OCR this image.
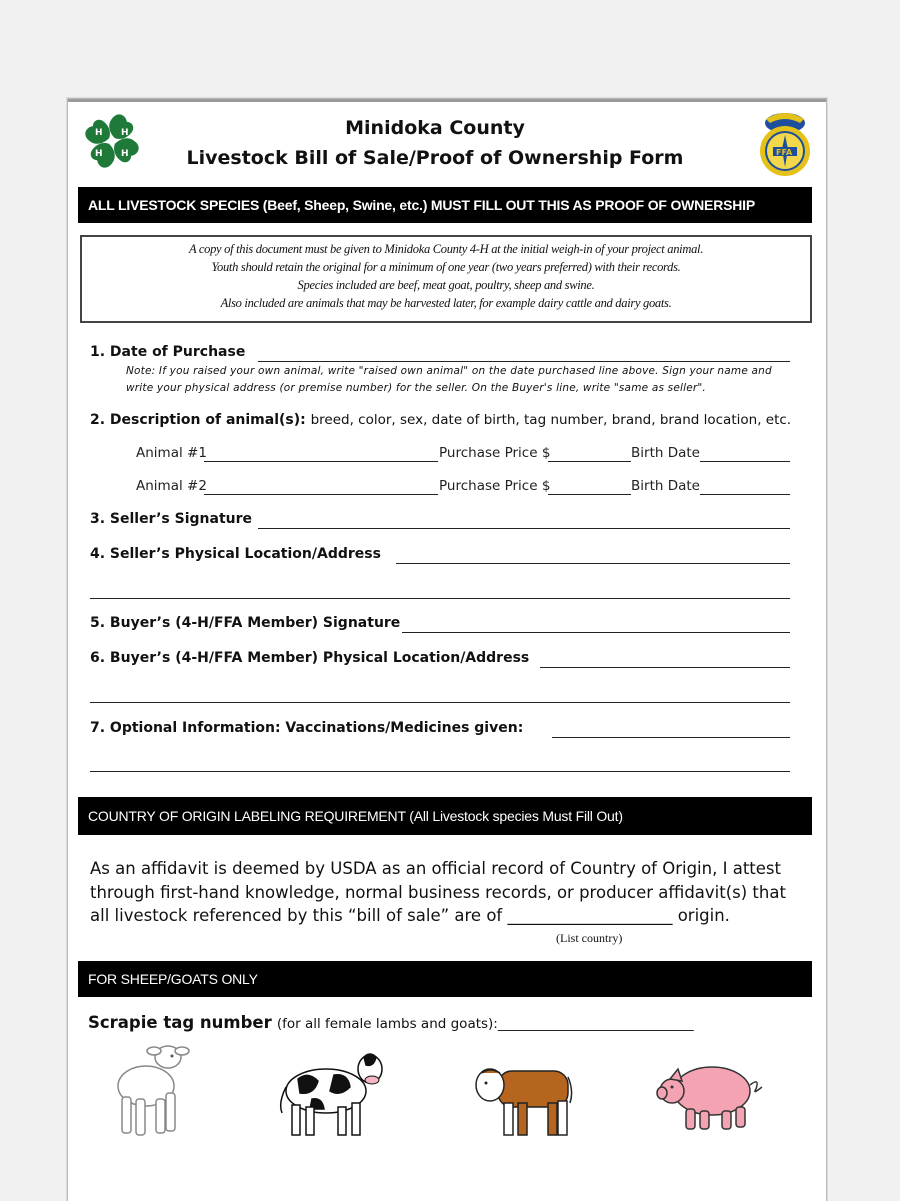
H H
H H
Minidoka County
Livestock Bill of Sale/Proof of Ownership Form	FFA
ALL LIVESTOCK SPECIES (Beef, Sheep, Swine, etc.) MUST FILL OUT THIS AS PROOF OF OWNERSHIP
A copy of this document must be given to Minidoka County 4-H at the initial weigh-in of your project animal.
Youth should retain the original for a minimum of one year (two years preferred) with their records.
Species included are beef, meat goat, poultry, sheep and swine.
Also included are animals that may be harvested later, for example dairy cattle and dairy goats.
1. Date of Purchase
Note: If you raised your own animal, write "raised own animal" on the date purchased line above. Sign your name and
write your physical address (or premise number) for the seller. On the Buyer's line, write "same as seller".
2. Description of animal(s): breed, color, sex, date of birth, tag number, brand, brand location, etc.
Animal #1	Purchase Price $	Birth Date
Animal #2	Purchase Price $	Birth Date
3. Seller’s Signature
4. Seller’s Physical Location/Address
5. Buyer’s (4-H/FFA Member) Signature
6. Buyer’s (4-H/FFA Member) Physical Location/Address
7. Optional Information: Vaccinations/Medicines given:
COUNTRY OF ORIGIN LABELING REQUIREMENT (All Livestock species Must Fill Out)
As an affidavit is deemed by USDA as an official record of Country of Origin, I attest
through first-hand knowledge, normal business records, or producer affidavit(s) that
all livestock referenced by this “bill of sale” are of ____________________ origin.
(List country)
FOR SHEEP/GOATS ONLY
Scrapie tag number (for all female lambs and goats):_____________________________
